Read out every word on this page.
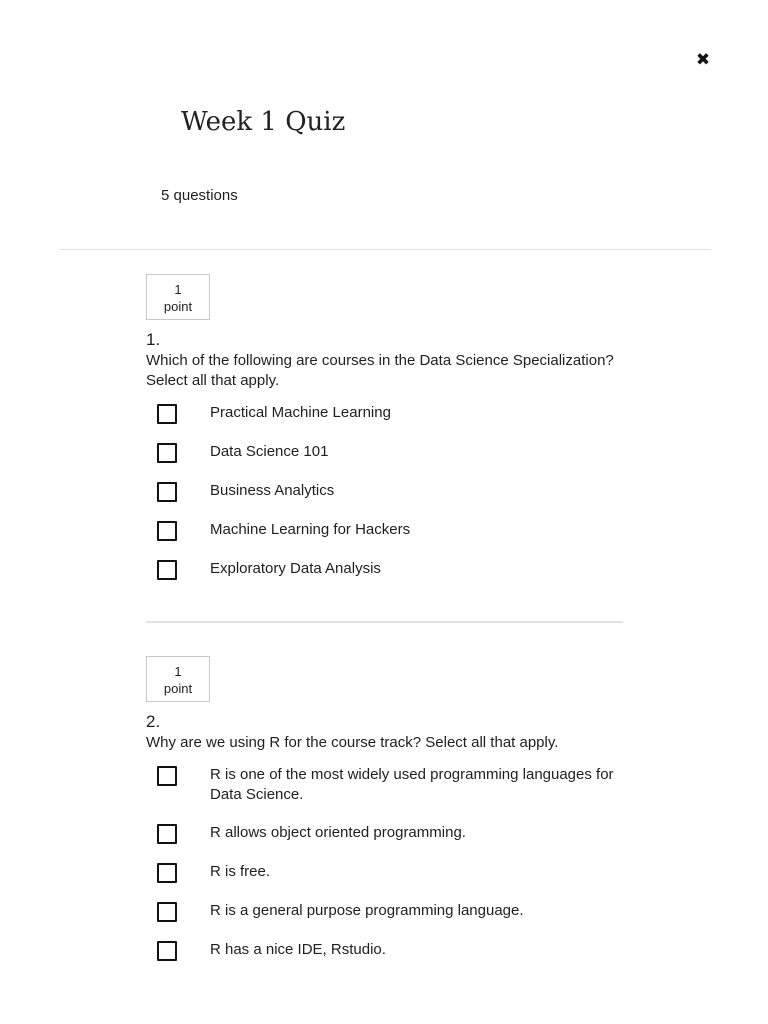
✖
Week 1 Quiz
5 questions
1
point
1.
Which of the following are courses in the Data Science Specialization? Select all that apply.
Practical Machine Learning
Data Science 101
Business Analytics
Machine Learning for Hackers
Exploratory Data Analysis
1
point
2.
Why are we using R for the course track? Select all that apply.
R is one of the most widely used programming languages for Data Science.
R allows object oriented programming.
R is free.
R is a general purpose programming language.
R has a nice IDE, Rstudio.
